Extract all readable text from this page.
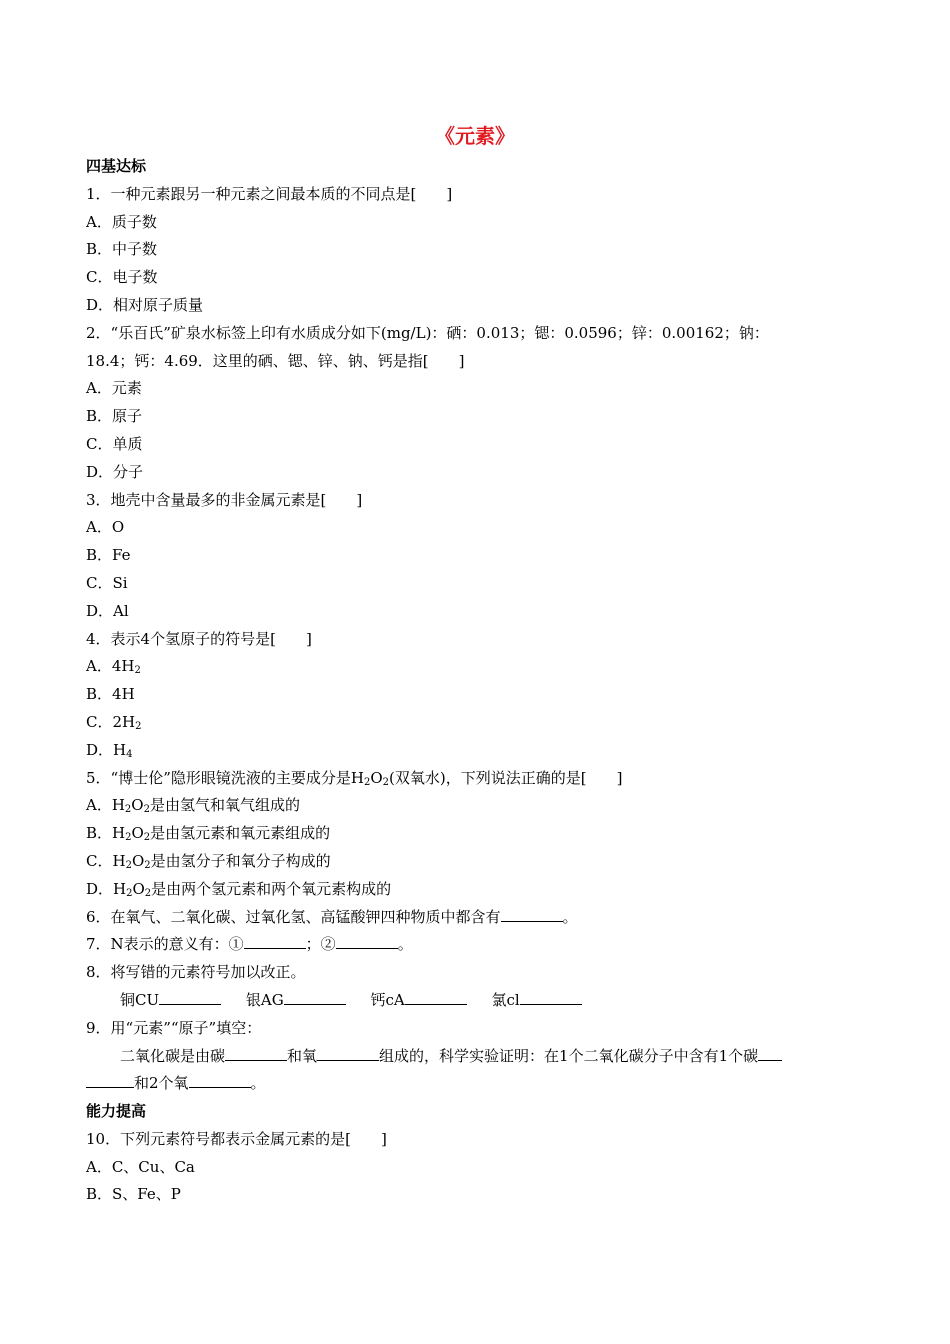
《元素》
四基达标
1．一种元素跟另一种元素之间最本质的不同点是[　　]
A．质子数
B．中子数
C．电子数
D．相对原子质量
2．“乐百氏”矿泉水标签上印有水质成分如下(mg/L)：硒：0.013；锶：0.0596；锌：0.00162；钠：
18.4；钙：4.69．这里的硒、锶、锌、钠、钙是指[　　]
A．元素
B．原子
C．单质
D．分子
3．地壳中含量最多的非金属元素是[　　]
A．O
B．Fe
C．Si
D．Al
4．表示4个氢原子的符号是[　　]
A．$4H_2$
B．4H
C．$2H_2$
D．$H_4$
5．“博士伦”隐形眼镜洗液的主要成分是$H_2O_2$(双氧水)，下列说法正确的是[　　]
A．$H_2O_2$是由氢气和氧气组成的
B．$H_2O_2$是由氢元素和氧元素组成的
C．$H_2O_2$是由氢分子和氧分子构成的
D．$H_2O_2$是由两个氢元素和两个氧元素构成的
6．在氧气、二氧化碳、过氧化氢、高锰酸钾四种物质中都含有	。
7．N表示的意义有：①	；②	。
8．将写错的元素符号加以改正。
铜CU	银AG	钙cA	氯cl
9．用“元素”“原子”填空：
二氧化碳是由碳	和氧	组成的，科学实验证明：在1个二氧化碳分子中含有1个碳
和2个氧	。
能力提高
10．下列元素符号都表示金属元素的是[　　]
A．C、Cu、Ca
B．S、Fe、P
